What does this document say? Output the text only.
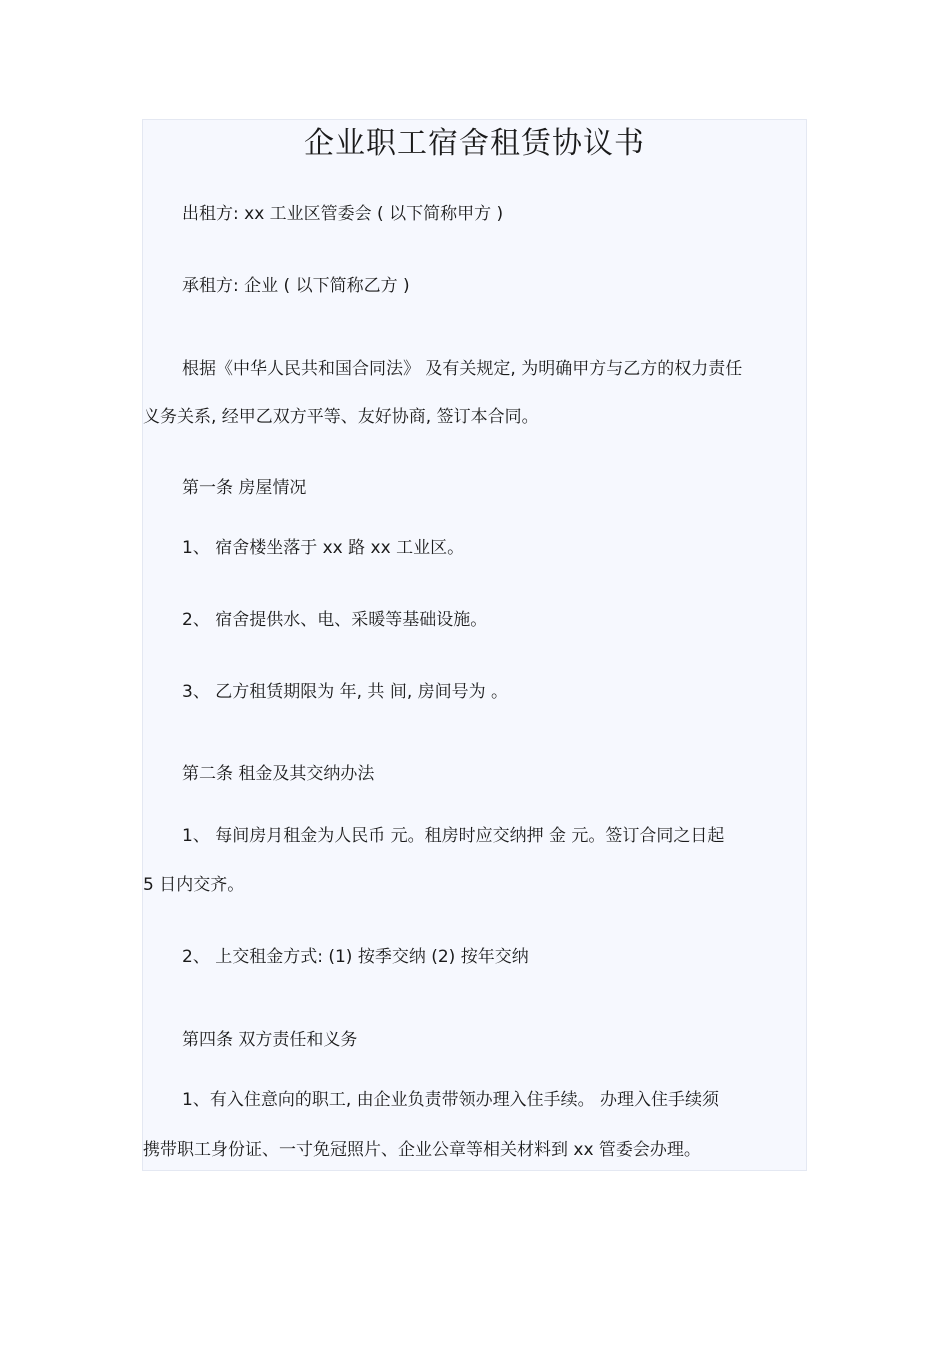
企业职工宿舍租赁协议书
出租方: xx 工业区管委会 ( 以下简称甲方 )
承租方: 企业 ( 以下简称乙方 )
根据《中华人民共和国合同法》 及有关规定, 为明确甲方与乙方的权力责任
义务关系, 经甲乙双方平等、友好协商, 签订本合同。
第一条 房屋情况
1、 宿舍楼坐落于 xx 路 xx 工业区。
2、 宿舍提供水、电、采暖等基础设施。
3、 乙方租赁期限为 年, 共 间, 房间号为 。
第二条 租金及其交纳办法
1、 每间房月租金为人民币 元。租房时应交纳押 金 元。签订合同之日起
5 日内交齐。
2、 上交租金方式: (1) 按季交纳 (2) 按年交纳
第四条 双方责任和义务
1、有入住意向的职工, 由企业负责带领办理入住手续。 办理入住手续须
携带职工身份证、一寸免冠照片、企业公章等相关材料到 xx 管委会办理。
